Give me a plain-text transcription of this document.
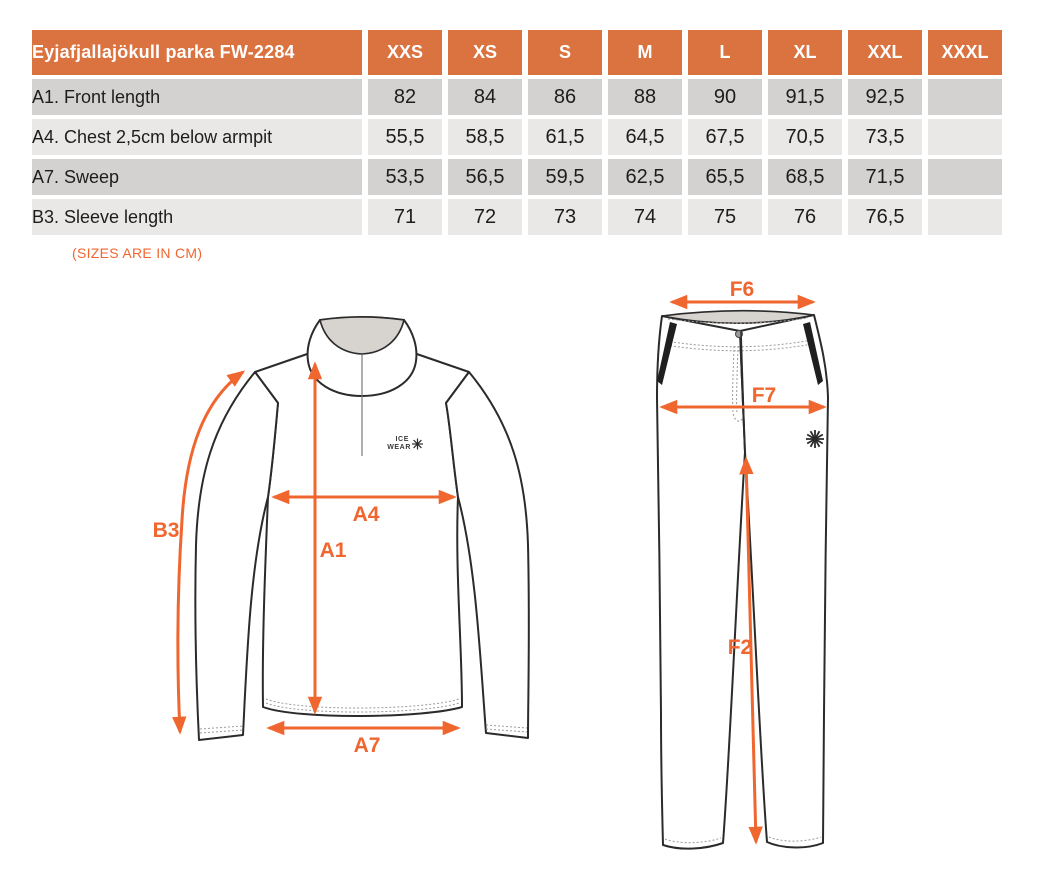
ICE
WEAR
B3
A4
A1
A7
F6
F7
F2
Eyjafjallajökull parka FW-2284	XXS	XS	S	M	L	XL	XXL	XXXL
A1. Front length	82	84	86	88	90	91,5	92,5	
A4. Chest 2,5cm below armpit	55,5	58,5	61,5	64,5	67,5	70,5	73,5	
A7. Sweep	53,5	56,5	59,5	62,5	65,5	68,5	71,5	
B3. Sleeve length	71	72	73	74	75	76	76,5	
(SIZES ARE IN CM)
